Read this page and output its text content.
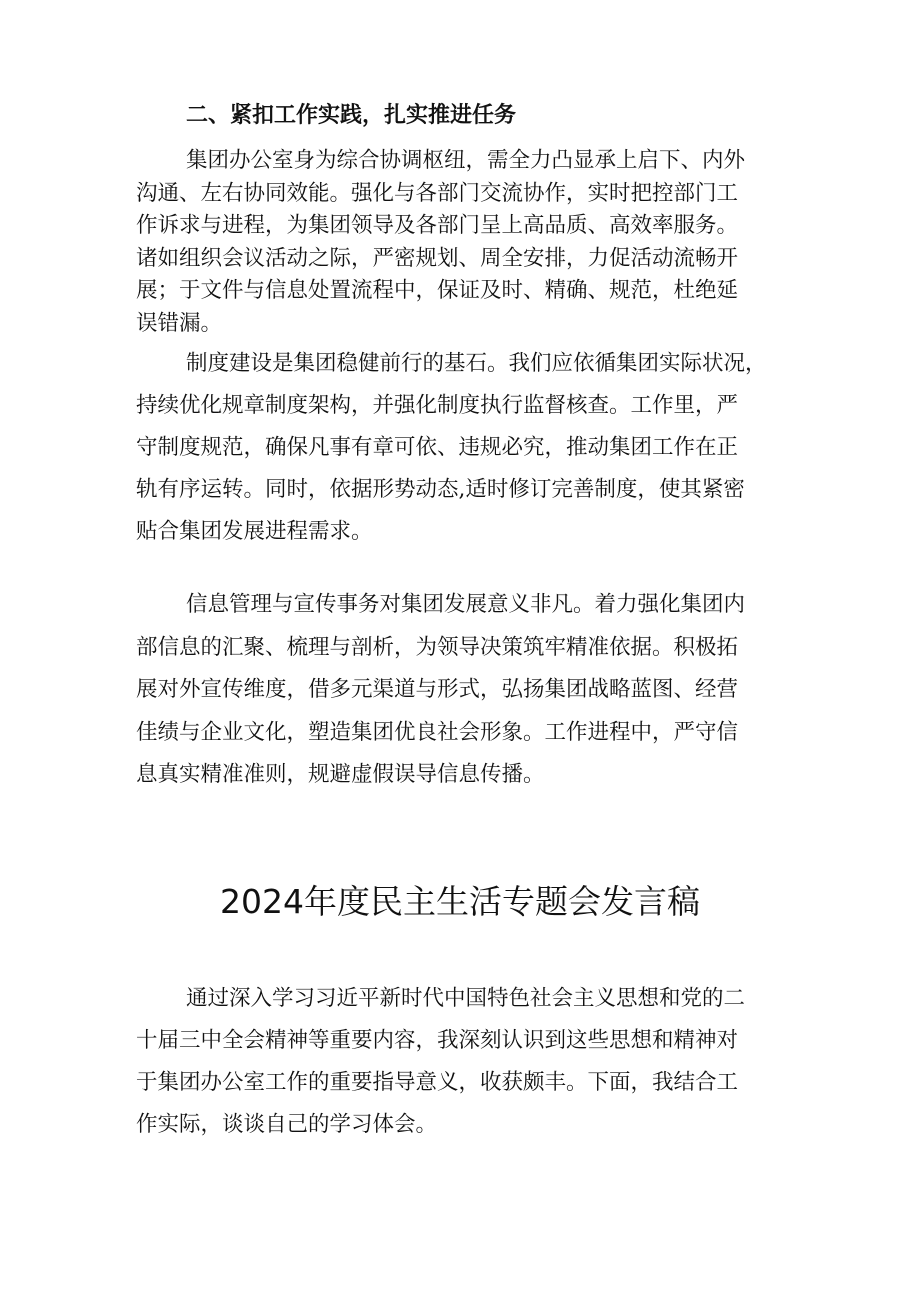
二、紧扣工作实践，扎实推进任务
集团办公室身为综合协调枢纽，需全力凸显承上启下、内外
沟通、左右协同效能。强化与各部门交流协作，实时把控部门工
作诉求与进程，为集团领导及各部门呈上高品质、高效率服务。
诸如组织会议活动之际，严密规划、周全安排，力促活动流畅开
展；于文件与信息处置流程中，保证及时、精确、规范，杜绝延
误错漏。
制度建设是集团稳健前行的基石。我们应依循集团实际状况，
持续优化规章制度架构，并强化制度执行监督核查。工作里，严
守制度规范，确保凡事有章可依、违规必究，推动集团工作在正
轨有序运转。同时，依据形势动态,适时修订完善制度，使其紧密
贴合集团发展进程需求。
信息管理与宣传事务对集团发展意义非凡。着力强化集团内
部信息的汇聚、梳理与剖析，为领导决策筑牢精准依据。积极拓
展对外宣传维度，借多元渠道与形式，弘扬集团战略蓝图、经营
佳绩与企业文化，塑造集团优良社会形象。工作进程中，严守信
息真实精准准则，规避虚假误导信息传播。
2024年度民主生活专题会发言稿
通过深入学习习近平新时代中国特色社会主义思想和党的二
十届三中全会精神等重要内容，我深刻认识到这些思想和精神对
于集团办公室工作的重要指导意义，收获颇丰。下面，我结合工
作实际，谈谈自己的学习体会。
